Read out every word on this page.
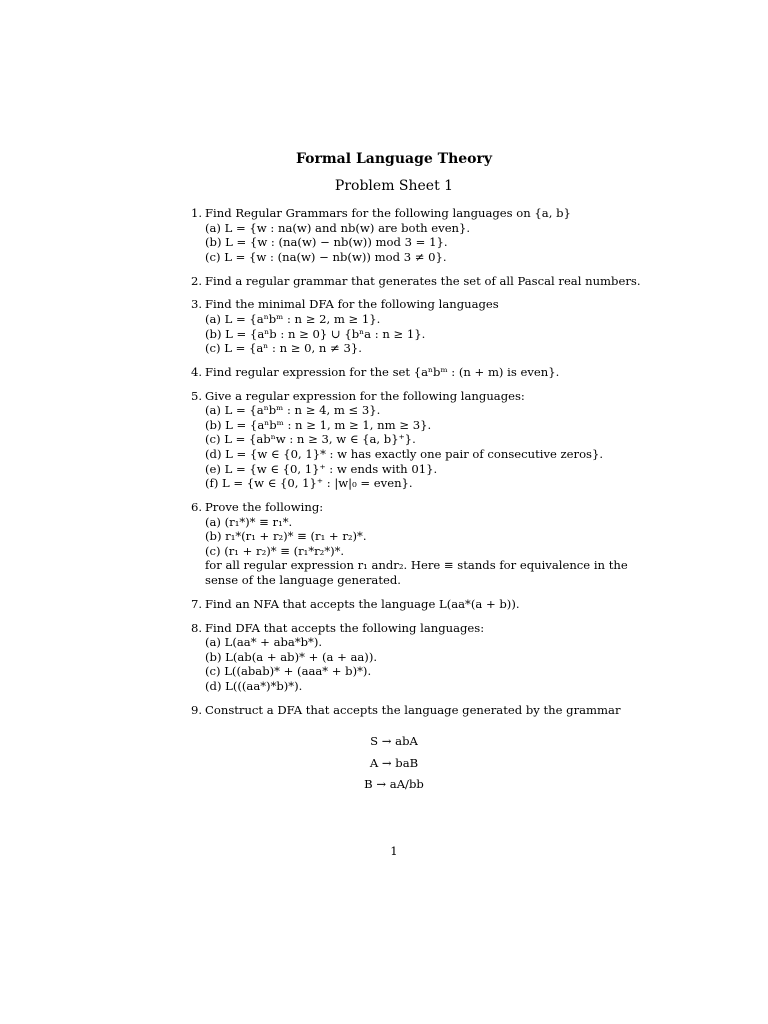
Formal Language Theory
Problem Sheet 1
1. Find Regular Grammars for the following languages on {a, b}
(a) L = {w : na(w) and nb(w) are both even}.
(b) L = {w : (na(w) − nb(w)) mod 3 = 1}.
(c) L = {w : (na(w) − nb(w)) mod 3 ≠ 0}.
2. Find a regular grammar that generates the set of all Pascal real numbers.
3. Find the minimal DFA for the following languages
(a) L = {aⁿbᵐ : n ≥ 2, m ≥ 1}.
(b) L = {aⁿb : n ≥ 0} ∪ {bⁿa : n ≥ 1}.
(c) L = {aⁿ : n ≥ 0, n ≠ 3}.
4. Find regular expression for the set {aⁿbᵐ : (n + m) is even}.
5. Give a regular expression for the following languages:
(a) L = {aⁿbᵐ : n ≥ 4, m ≤ 3}.
(b) L = {aⁿbᵐ : n ≥ 1, m ≥ 1, nm ≥ 3}.
(c) L = {abⁿw : n ≥ 3, w ∈ {a, b}⁺}.
(d) L = {w ∈ {0, 1}* : w has exactly one pair of consecutive zeros}.
(e) L = {w ∈ {0, 1}⁺ : w ends with 01}.
(f) L = {w ∈ {0, 1}⁺ : |w|₀ = even}.
6. Prove the following:
(a) (r₁*)* ≡ r₁*.
(b) r₁*(r₁ + r₂)* ≡ (r₁ + r₂)*.
(c) (r₁ + r₂)* ≡ (r₁*r₂*)*.
for all regular expression r₁ andr₂. Here ≡ stands for equivalence in the sense of the language generated.
7. Find an NFA that accepts the language L(aa*(a + b)).
8. Find DFA that accepts the following languages:
(a) L(aa* + aba*b*).
(b) L(ab(a + ab)* + (a + aa)).
(c) L((abab)* + (aaa* + b)*).
(d) L(((aa*)*b)*).
9. Construct a DFA that accepts the language generated by the grammar
S → abA
A → baB
B → aA/bb
1
